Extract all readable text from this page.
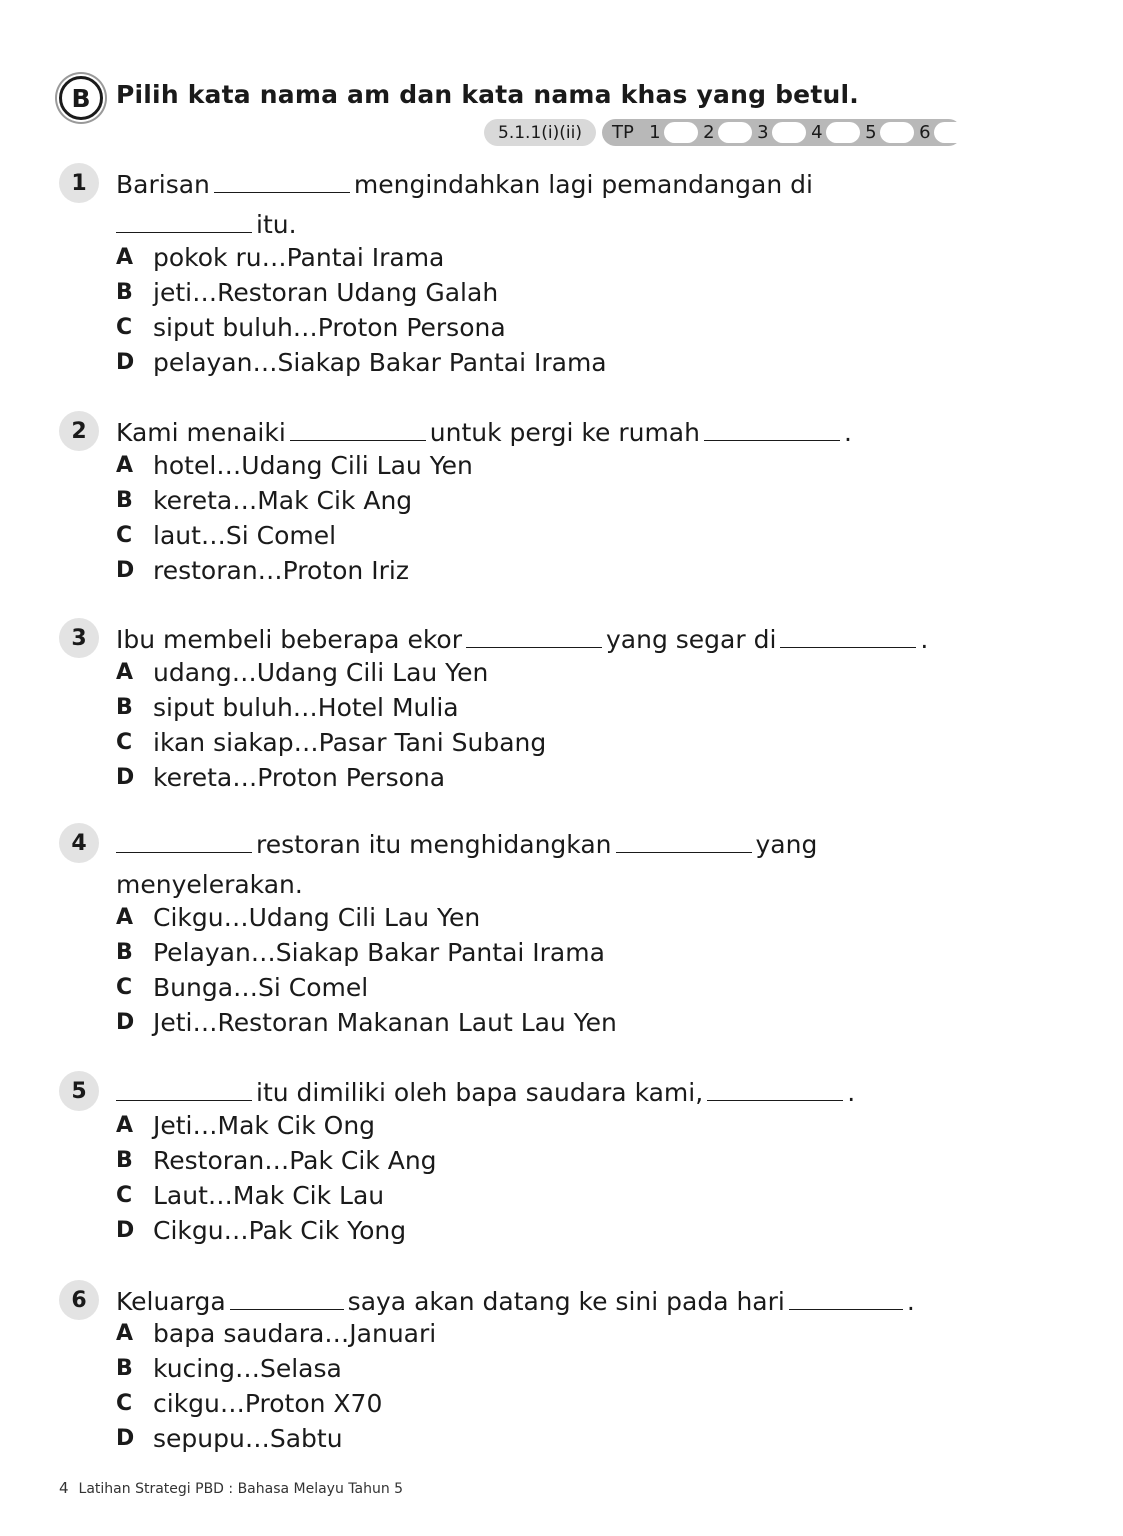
B	Pilih kata nama am dan kata nama khas yang betul.
5.1.1(i)(ii)	TP 1 2 3 4 5 6
1	Barisan	mengindahkan lagi pemandangan di
itu.
A pokok ru…Pantai Irama
B jeti…Restoran Udang Galah
C siput buluh…Proton Persona
D pelayan…Siakap Bakar Pantai Irama
2	Kami menaiki	untuk pergi ke rumah	.
A hotel…Udang Cili Lau Yen
B kereta…Mak Cik Ang
C laut…Si Comel
D restoran…Proton Iriz
3	Ibu membeli beberapa ekor	yang segar di	.
A udang…Udang Cili Lau Yen
B siput buluh…Hotel Mulia
C ikan siakap…Pasar Tani Subang
D kereta…Proton Persona
4	restoran itu menghidangkan	yang
menyelerakan.
A Cikgu…Udang Cili Lau Yen
B Pelayan…Siakap Bakar Pantai Irama
C Bunga…Si Comel
D Jeti…Restoran Makanan Laut Lau Yen
5	itu dimiliki oleh bapa saudara kami,	.
A Jeti…Mak Cik Ong
B Restoran…Pak Cik Ang
C Laut…Mak Cik Lau
D Cikgu…Pak Cik Yong
6	Keluarga	saya akan datang ke sini pada hari	.
A bapa saudara…Januari
B kucing…Selasa
C cikgu…Proton X70
D sepupu…Sabtu
4 Latihan Strategi PBD : Bahasa Melayu Tahun 5
